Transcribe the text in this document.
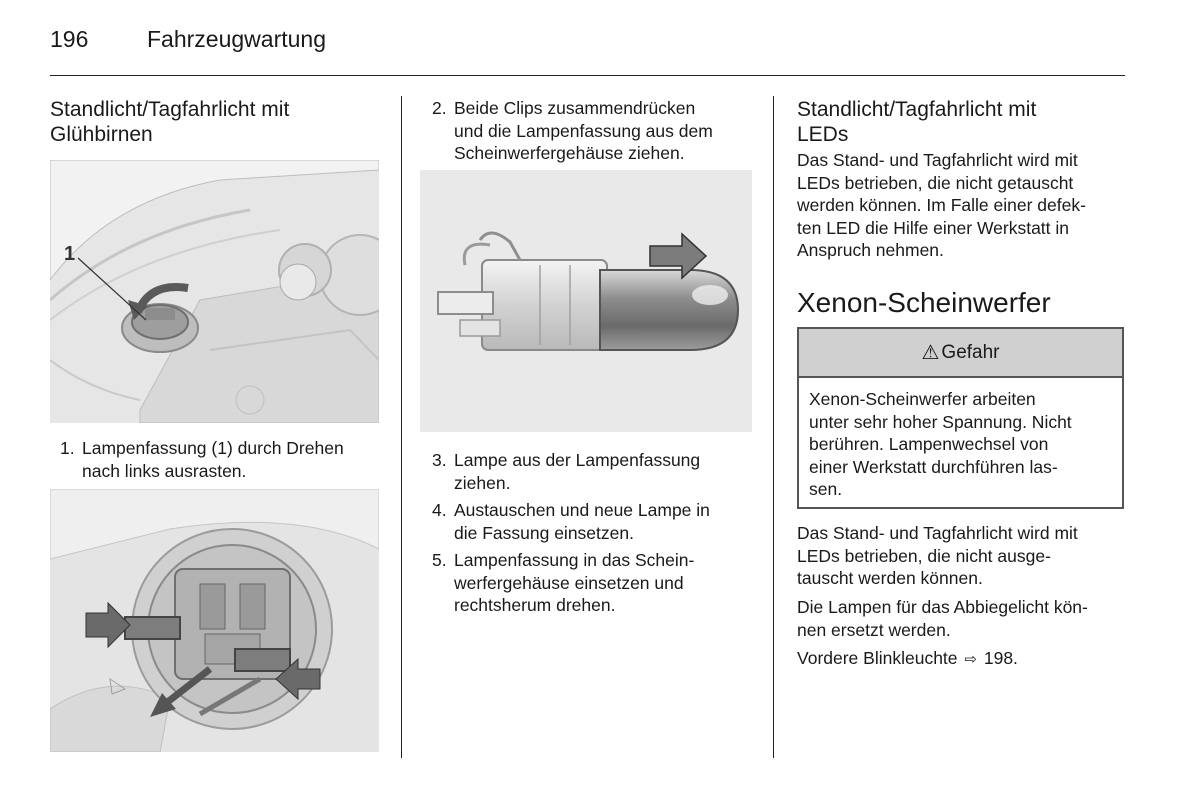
196	Fahrzeugwartung
Standlicht/Tagfahrlicht mit
Glühbirnen
1
1. Lampenfassung (1) durch Drehen
nach links ausrasten.
2. Beide Clips zusammendrücken
und die Lampenfassung aus dem
Scheinwerfergehäuse ziehen.
3. Lampe aus der Lampenfassung
ziehen.
4. Austauschen und neue Lampe in
die Fassung einsetzen.
5. Lampenfassung in das Schein-
werfergehäuse einsetzen und
rechtsherum drehen.
Standlicht/Tagfahrlicht mit
LEDs

Das Stand- und Tagfahrlicht wird mit
LEDs betrieben, die nicht getauscht
werden können. Im Falle einer defek-
ten LED die Hilfe einer Werkstatt in
Anspruch nehmen.

Xenon-Scheinwerfer
⚠ Gefahr
Xenon-Scheinwerfer arbeiten
unter sehr hoher Spannung. Nicht
berühren. Lampenwechsel von
einer Werkstatt durchführen las-
sen.

Das Stand- und Tagfahrlicht wird mit
LEDs betrieben, die nicht ausge-
tauscht werden können.

Die Lampen für das Abbiegelicht kön-
nen ersetzt werden.

Vordere Blinkleuchte ⇨ 198.
